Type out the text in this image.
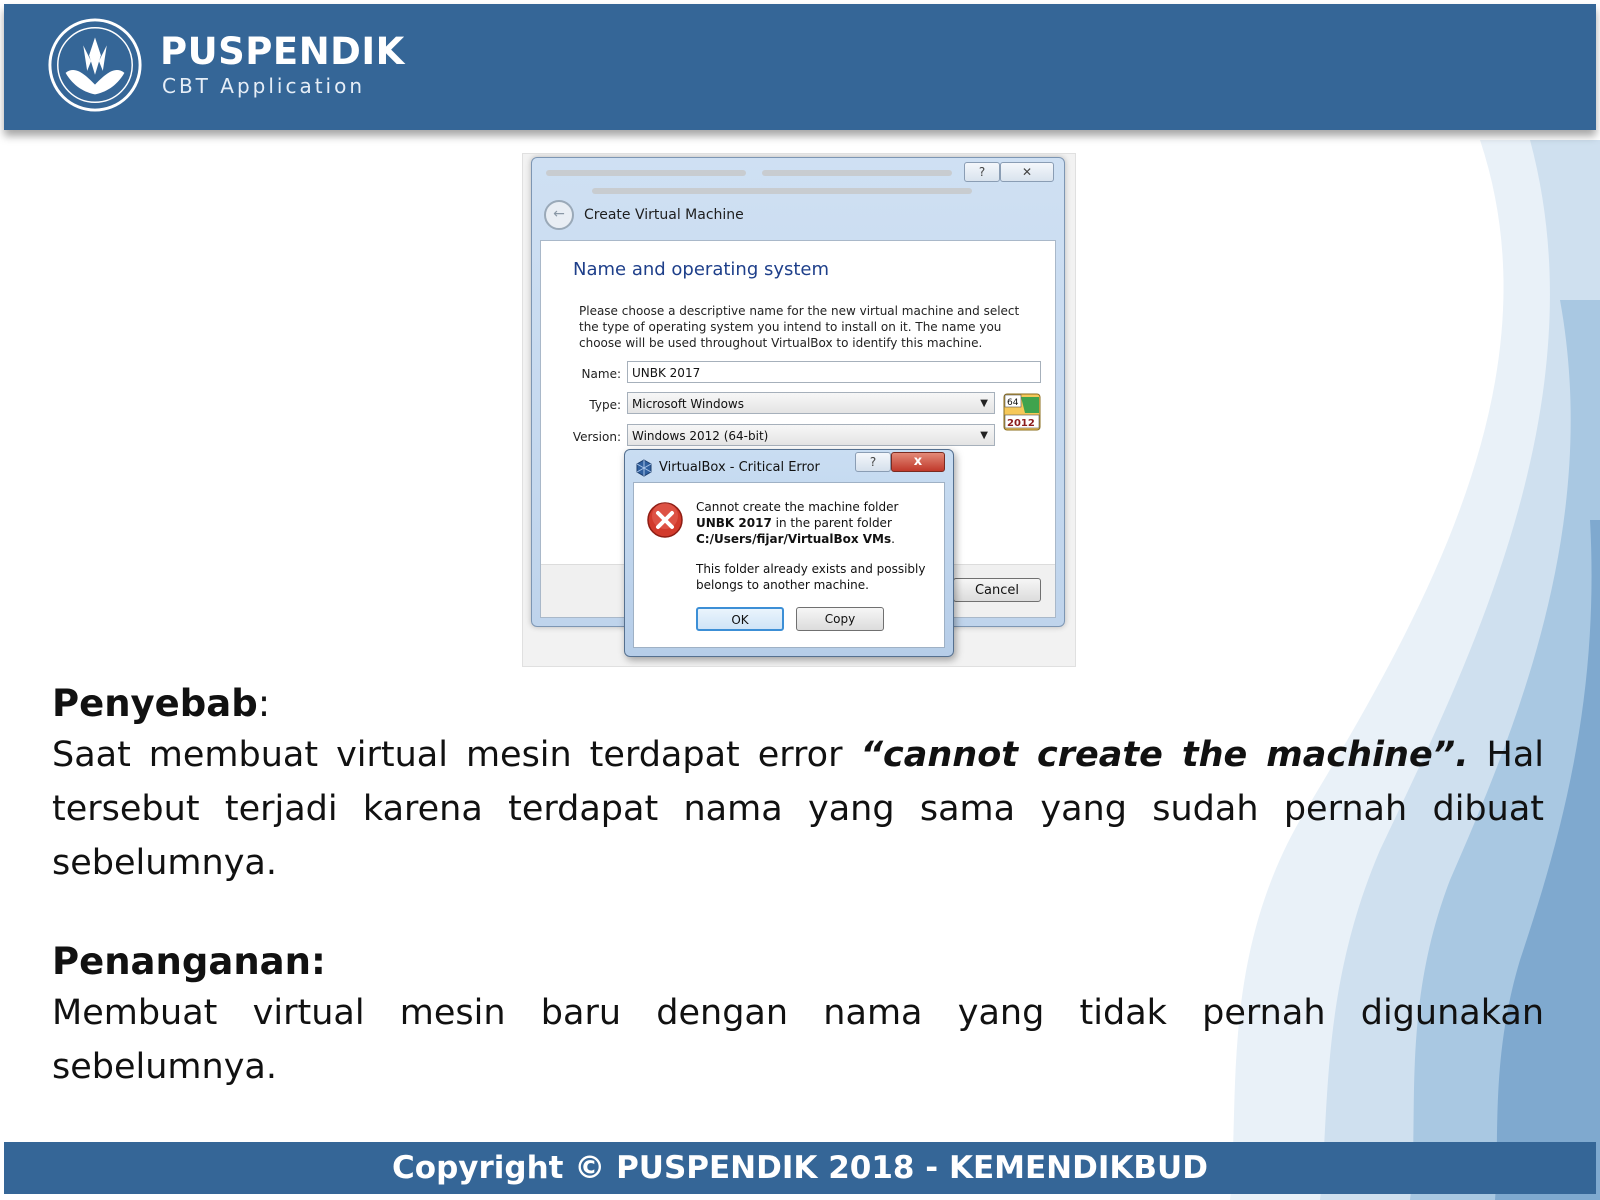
PUSPENDIK
CBT Application
?	✕
←	Create Virtual Machine
Name and operating system
Please choose a descriptive name for the new virtual machine and select the type of operating system you intend to install on it. The name you choose will be used throughout VirtualBox to identify this machine.
Name: UNBK 2017
Type: Microsoft Windows	▼
Version: Windows 2012 (64-bit)	▼
64
2012
Cancel
VirtualBox - Critical Error	?	x
Cannot create the machine folder UNBK 2017 in the parent folder C:/Users/fijar/VirtualBox VMs.
This folder already exists and possibly belongs to another machine.
OK	Copy
Penyebab:
Saat membuat virtual mesin terdapat error “cannot create the machine”. Hal tersebut terjadi karena terdapat nama yang sama yang sudah pernah dibuat sebelumnya.
Penanganan:
Membuat virtual mesin baru dengan nama yang tidak pernah digunakan sebelumnya.
Copyright © PUSPENDIK 2018 - KEMENDIKBUD
